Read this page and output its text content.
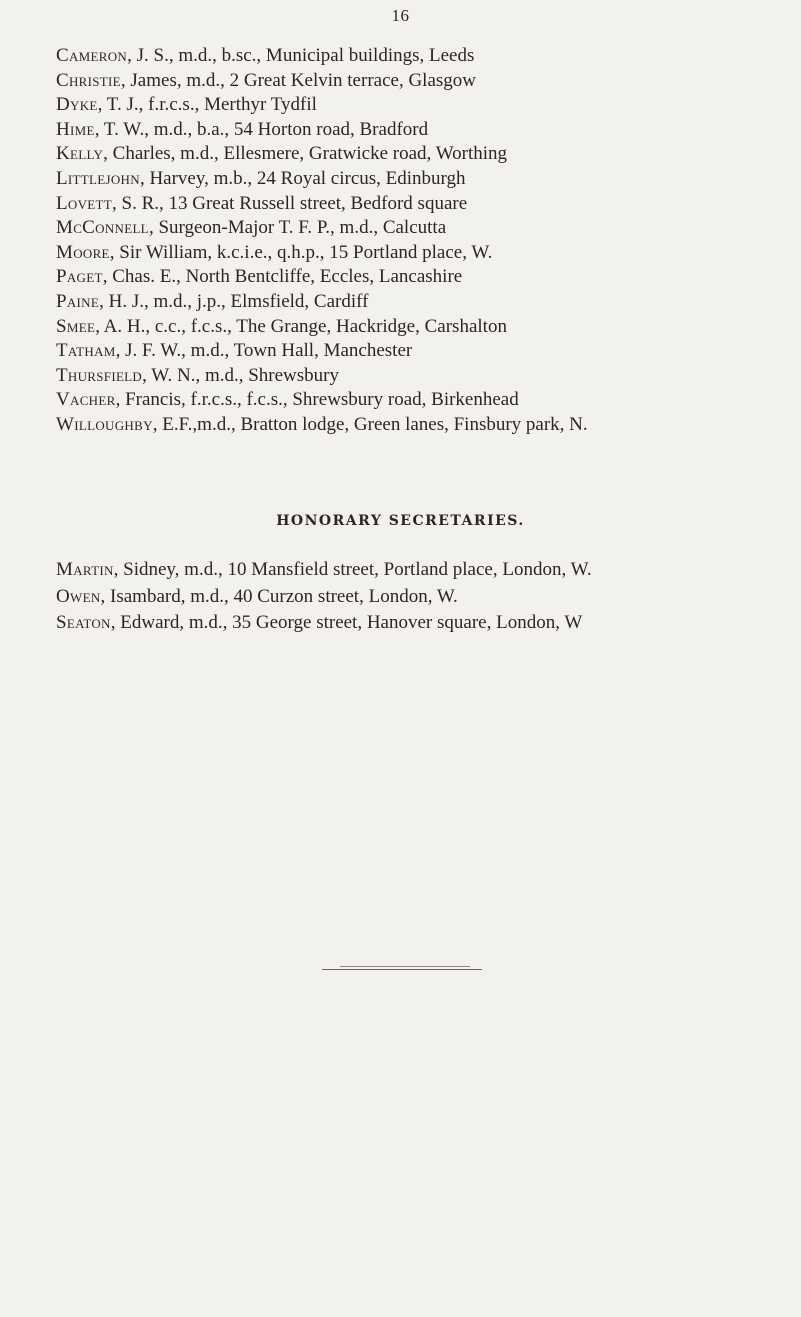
16
Cameron, J. S., m.d., b.sc., Municipal buildings, Leeds
Christie, James, m.d., 2 Great Kelvin terrace, Glasgow
Dyke, T. J., f.r.c.s., Merthyr Tydfil
Hime, T. W., m.d., b.a., 54 Horton road, Bradford
Kelly, Charles, m.d., Ellesmere, Gratwicke road, Worthing
Littlejohn, Harvey, m.b., 24 Royal circus, Edinburgh
Lovett, S. R., 13 Great Russell street, Bedford square
McConnell, Surgeon-Major T. F. P., m.d., Calcutta
Moore, Sir William, k.c.i.e., q.h.p., 15 Portland place, W.
Paget, Chas. E., North Bentcliffe, Eccles, Lancashire
Paine, H. J., m.d., j.p., Elmsfield, Cardiff
Smee, A. H., c.c., f.c.s., The Grange, Hackridge, Carshalton
Tatham, J. F. W., m.d., Town Hall, Manchester
Thursfield, W. N., m.d., Shrewsbury
Vacher, Francis, f.r.c.s., f.c.s., Shrewsbury road, Birkenhead
Willoughby, E.F.,m.d., Bratton lodge, Green lanes, Finsbury park, N.
HONORARY SECRETARIES.
Martin, Sidney, m.d., 10 Mansfield street, Portland place, London, W.
Owen, Isambard, m.d., 40 Curzon street, London, W.
Seaton, Edward, m.d., 35 George street, Hanover square, London, W
